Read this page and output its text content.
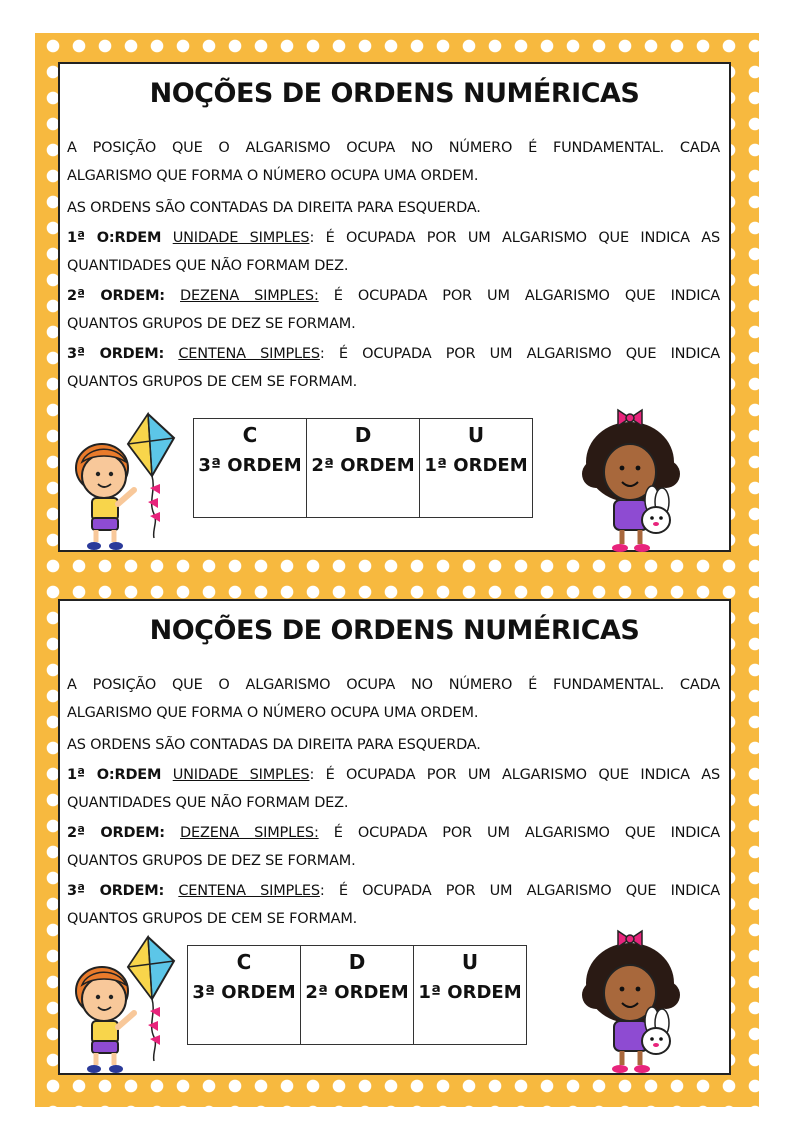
NOÇÕES DE ORDENS NUMÉRICAS

A POSIÇÃO QUE O ALGARISMO OCUPA NO NÚMERO É FUNDAMENTAL. CADA
ALGARISMO QUE FORMA O NÚMERO OCUPA UMA ORDEM.

AS ORDENS SÃO CONTADAS DA DIREITA PARA ESQUERDA.

1ª O:RDEM UNIDADE SIMPLES: É OCUPADA POR UM ALGARISMO QUE INDICA AS
QUANTIDADES QUE NÃO FORMAM DEZ.

2ª ORDEM: DEZENA SIMPLES: É OCUPADA POR UM ALGARISMO QUE INDICA
QUANTOS GRUPOS DE DEZ SE FORMAM.

3ª ORDEM: CENTENA SIMPLES: É OCUPADA POR UM ALGARISMO QUE INDICA
QUANTOS GRUPOS DE CEM SE FORMAM.

C	D	U
3ª ORDEM	2ª ORDEM	1ª ORDEM
NOÇÕES DE ORDENS NUMÉRICAS

A POSIÇÃO QUE O ALGARISMO OCUPA NO NÚMERO É FUNDAMENTAL. CADA
ALGARISMO QUE FORMA O NÚMERO OCUPA UMA ORDEM.

AS ORDENS SÃO CONTADAS DA DIREITA PARA ESQUERDA.

1ª O:RDEM UNIDADE SIMPLES: É OCUPADA POR UM ALGARISMO QUE INDICA AS
QUANTIDADES QUE NÃO FORMAM DEZ.

2ª ORDEM: DEZENA SIMPLES: É OCUPADA POR UM ALGARISMO QUE INDICA
QUANTOS GRUPOS DE DEZ SE FORMAM.

3ª ORDEM: CENTENA SIMPLES: É OCUPADA POR UM ALGARISMO QUE INDICA
QUANTOS GRUPOS DE CEM SE FORMAM.

C	D	U
3ª ORDEM	2ª ORDEM	1ª ORDEM
